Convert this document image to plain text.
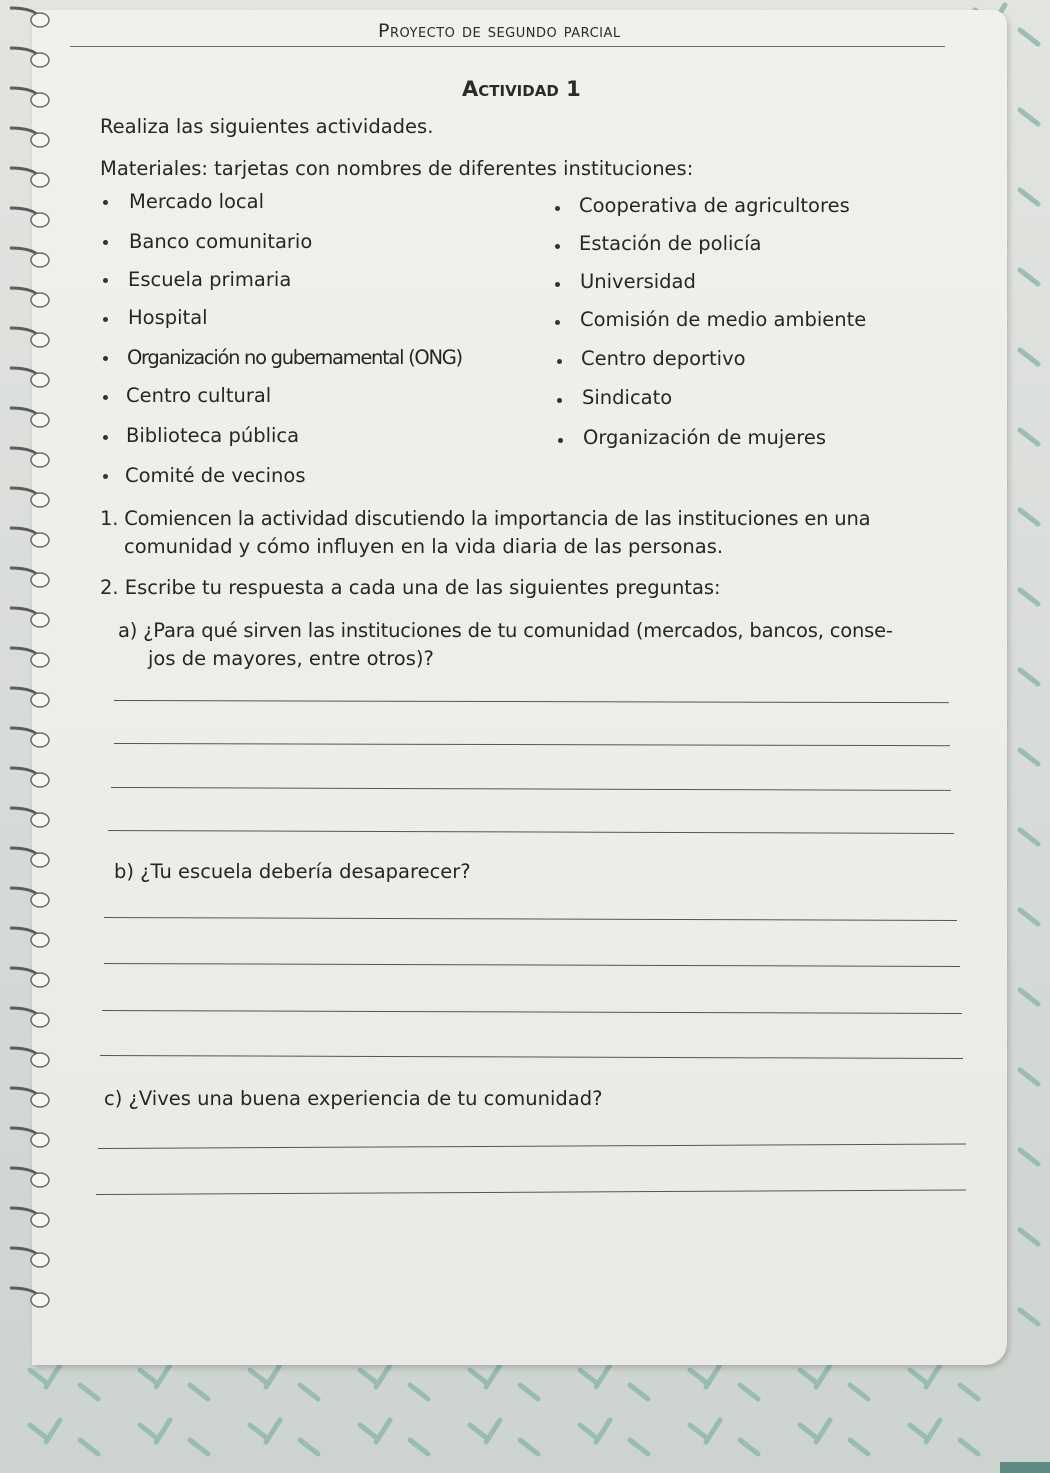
Proyecto de segundo parcial
Actividad 1
Realiza las siguientes actividades.
Materiales: tarjetas con nombres de diferentes instituciones:
Mercado local
Banco comunitario
Escuela primaria
Hospital
Organización no gubernamental (ONG)
Centro cultural
Biblioteca pública
Comité de vecinos
Cooperativa de agricultores
Estación de policía
Universidad
Comisión de medio ambiente
Centro deportivo
Sindicato
Organización de mujeres
1. Comiencen la actividad discutiendo la importancia de las instituciones en una
comunidad y cómo influyen en la vida diaria de las personas.
2. Escribe tu respuesta a cada una de las siguientes preguntas:
a) ¿Para qué sirven las instituciones de tu comunidad (mercados, bancos, conse-
jos de mayores, entre otros)?
b) ¿Tu escuela debería desaparecer?
c) ¿Vives una buena experiencia de tu comunidad?
